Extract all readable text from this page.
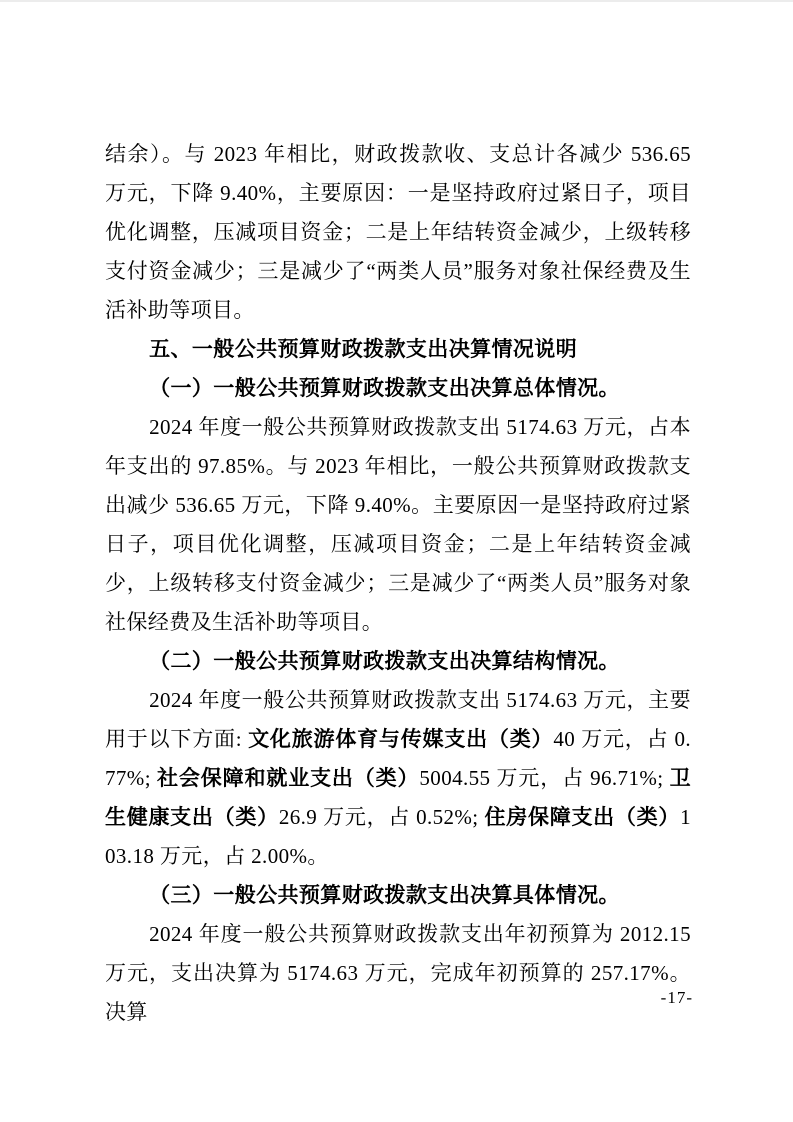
结余）。与 2023 年相比，财政拨款收、支总计各减少 536.65 万元，下降 9.40%，主要原因：一是坚持政府过紧日子，项目优化调整，压减项目资金；二是上年结转资金减少，上级转移支付资金减少；三是减少了“两类人员”服务对象社保经费及生活补助等项目。

五、一般公共预算财政拨款支出决算情况说明

（一）一般公共预算财政拨款支出决算总体情况。

2024 年度一般公共预算财政拨款支出 5174.63 万元，占本年支出的 97.85%。与 2023 年相比，一般公共预算财政拨款支出减少 536.65 万元，下降 9.40%。主要原因一是坚持政府过紧日子，项目优化调整，压减项目资金；二是上年结转资金减少，上级转移支付资金减少；三是减少了“两类人员”服务对象社保经费及生活补助等项目。

（二）一般公共预算财政拨款支出决算结构情况。

2024 年度一般公共预算财政拨款支出 5174.63 万元，主要用于以下方面: 文化旅游体育与传媒支出（类）40 万元，占 0.77%; 社会保障和就业支出（类）5004.55 万元，占 96.71%; 卫生健康支出（类）26.9 万元，占 0.52%; 住房保障支出（类）103.18 万元，占 2.00%。

（三）一般公共预算财政拨款支出决算具体情况。

2024 年度一般公共预算财政拨款支出年初预算为 2012.15 万元，支出决算为 5174.63 万元，完成年初预算的 257.17%。决算

-17-
